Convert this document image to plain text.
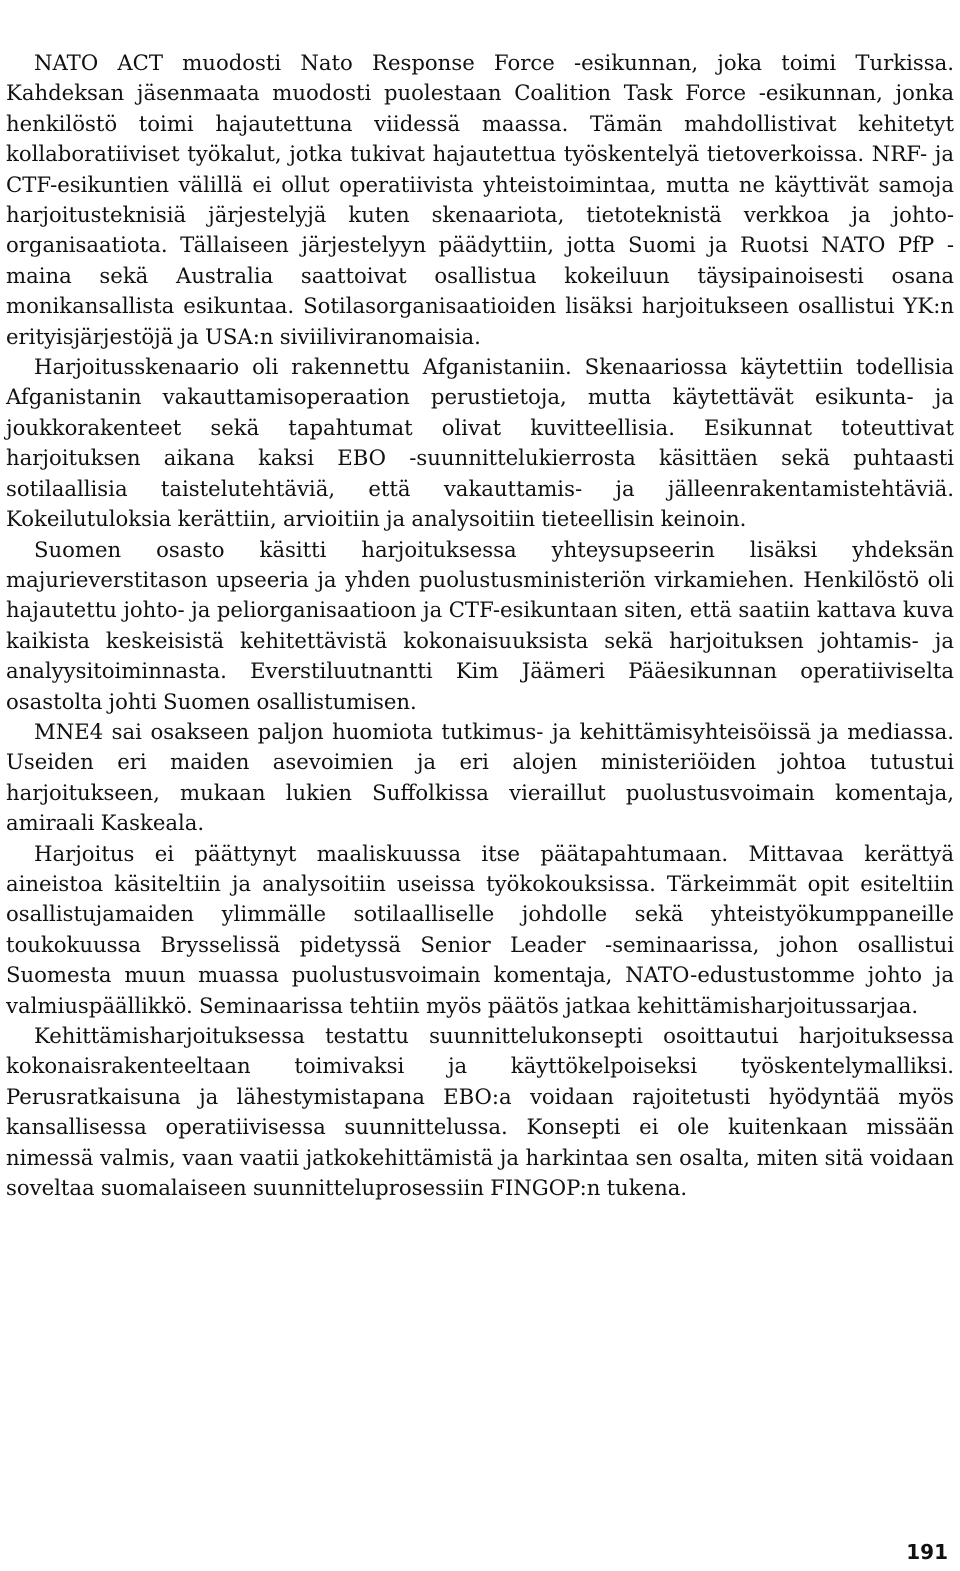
NATO ACT muodosti Nato Response Force -esikunnan, joka toimi Turkissa. Kahdeksan jäsenmaata muodosti puolestaan Coalition Task Force -esikunnan, jonka henkilöstö toimi hajautettuna viidessä maassa. Tämän mahdollistivat kehitetyt kollaboratiiviset työkalut, jotka tukivat hajautettua työskentelyä tietoverkoissa. NRF- ja CTF-esikuntien välillä ei ollut operatiivista yhteistoimintaa, mutta ne käyttivät samoja harjoitusteknisiä järjestelyjä kuten skenaariota, tietoteknistä verkkoa ja johto-organisaatiota. Tällaiseen järjestelyyn päädyttiin, jotta Suomi ja Ruotsi NATO PfP -maina sekä Australia saattoivat osallistua kokeiluun täysipainoisesti osana monikansallista esikuntaa. Sotilasorganisaatioiden lisäksi harjoitukseen osallistui YK:n erityisjärjestöjä ja USA:n siviiliviranomaisia.

Harjoitusskenaario oli rakennettu Afganistaniin. Skenaariossa käytettiin todellisia Afganistanin vakauttamisoperaation perustietoja, mutta käytettävät esikunta- ja joukkorakenteet sekä tapahtumat olivat kuvitteellisia. Esikunnat toteuttivat harjoituksen aikana kaksi EBO -suunnittelukierrosta käsittäen sekä puhtaasti sotilaallisia taistelutehtäviä, että vakauttamis- ja jälleenrakentamistehtäviä. Kokeilutuloksia kerättiin, arvioitiin ja analysoitiin tieteellisin keinoin.

Suomen osasto käsitti harjoituksessa yhteysupseerin lisäksi yhdeksän majurieverstitason upseeria ja yhden puolustusministeriön virkamiehen. Henkilöstö oli hajautettu johto- ja peliorganisaatioon ja CTF-esikuntaan siten, että saatiin kattava kuva kaikista keskeisistä kehitettävistä kokonaisuuksista sekä harjoituksen johtamis- ja analyysitoiminnasta. Everstiluutnantti Kim Jäämeri Pääesikunnan operatiiviselta osastolta johti Suomen osallistumisen.

MNE4 sai osakseen paljon huomiota tutkimus- ja kehittämisyhteisöissä ja mediassa. Useiden eri maiden asevoimien ja eri alojen ministeriöiden johtoa tutustui harjoitukseen, mukaan lukien Suffolkissa vieraillut puolustusvoimain komentaja, amiraali Kaskeala.

Harjoitus ei päättynyt maaliskuussa itse päätapahtumaan. Mittavaa kerättyä aineistoa käsiteltiin ja analysoitiin useissa työkokouksissa. Tärkeimmät opit esiteltiin osallistujamaiden ylimmälle sotilaalliselle johdolle sekä yhteistyökumppaneille toukokuussa Brysselissä pidetyssä Senior Leader -seminaarissa, johon osallistui Suomesta muun muassa puolustusvoimain komentaja, NATO-edustustomme johto ja valmiuspäällikkö. Seminaarissa tehtiin myös päätös jatkaa kehittämisharjoitussarjaa.

Kehittämisharjoituksessa testattu suunnittelukonsepti osoittautui harjoituksessa kokonaisrakenteeltaan toimivaksi ja käyttökelpoiseksi työskentelymalliksi. Perusratkaisuna ja lähestymistapana EBO:a voidaan rajoitetusti hyödyntää myös kansallisessa operatiivisessa suunnittelussa. Konsepti ei ole kuitenkaan missään nimessä valmis, vaan vaatii jatkokehittämistä ja harkintaa sen osalta, miten sitä voidaan soveltaa suomalaiseen suunnitteluprosessiin FINGOP:n tukena.

191
